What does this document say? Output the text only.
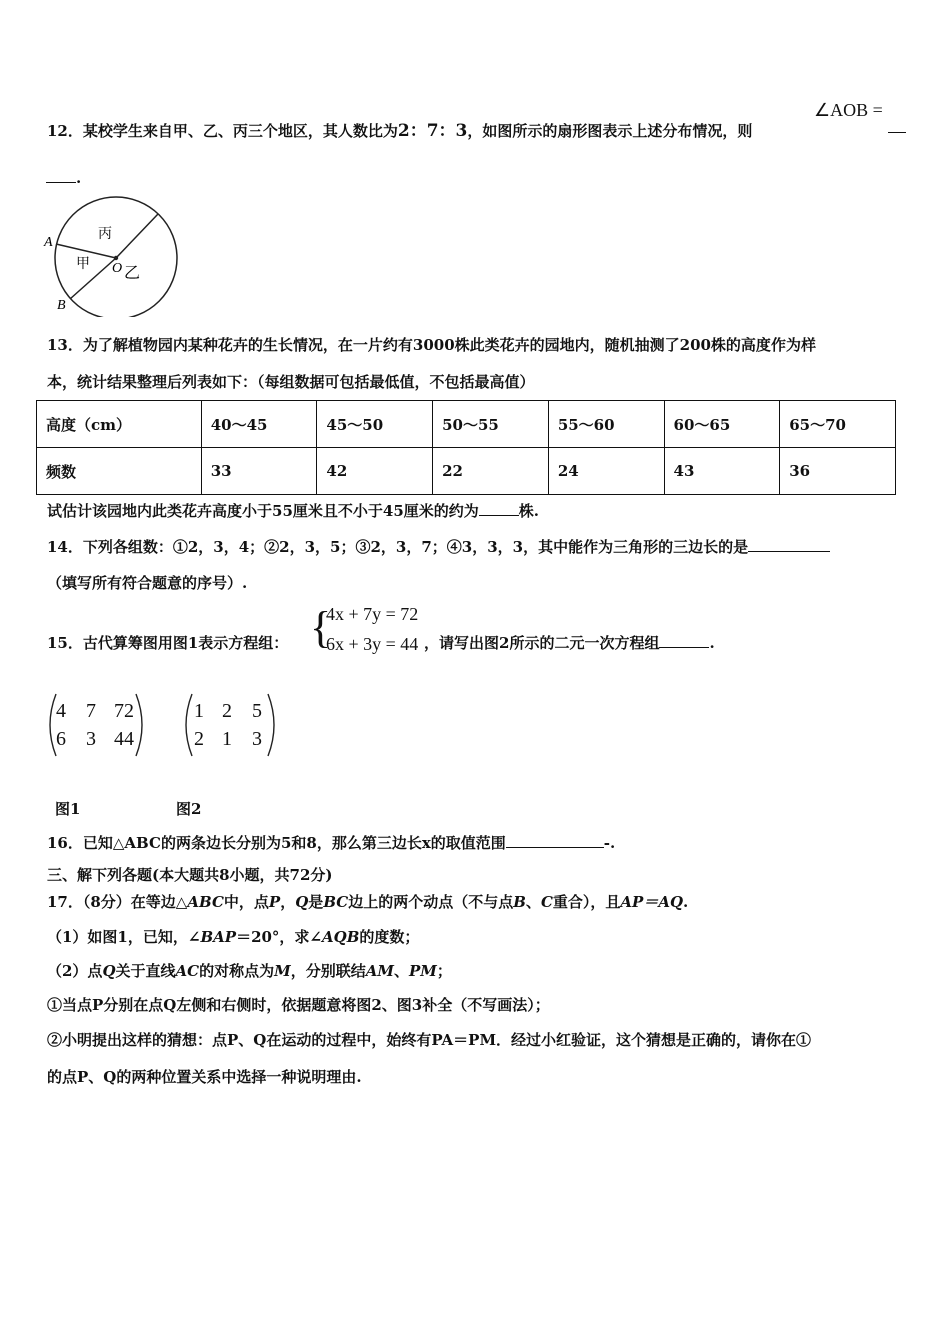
12．某校学生来自甲、乙、丙三个地区，其人数比为2：7：3，如图所示的扇形图表示上述分布情况，则
∠AOB =
.
A
B
O
甲 乙
丙
13．为了解植物园内某种花卉的生长情况，在一片约有3000株此类花卉的园地内，随机抽测了200株的高度作为样
本，统计结果整理后列表如下：（每组数据可包括最低值，不包括最高值）
高度（cm）	40～45	45～50	50～55	55～60	60～65	65～70
频数	33	42	22	24	43	36
试估计该园地内此类花卉高度小于55厘米且不小于45厘米的约为	株.
14．下列各组数：①2，3，4；②2，3，5；③2，3，7；④3，3，3，其中能作为三角形的三边长的是
（填写所有符合题意的序号）.
15．古代算筹图用图1表示方程组： {
4x + 7y = 72
6x + 3y = 44 ，请写出图2所示的二元一次方程组	.
4 7 72
6 3 44
1 2 5
2 1 3
图1	图2
16．已知△ABC的两条边长分别为5和8，那么第三边长x的取值范围	-.
三、解下列各题(本大题共8小题，共72分)
17．（8分）在等边△ABC中，点P，Q是BC边上的两个动点（不与点B、C重合），且AP＝AQ.
（1）如图1，已知，∠BAP＝20°，求∠AQB的度数；
（2）点Q关于直线AC的对称点为M，分别联结AM、PM；
①当点P分别在点Q左侧和右侧时，依据题意将图2、图3补全（不写画法）；
②小明提出这样的猜想：点P、Q在运动的过程中，始终有PA＝PM．经过小红验证，这个猜想是正确的，请你在①
的点P、Q的两种位置关系中选择一种说明理由.
